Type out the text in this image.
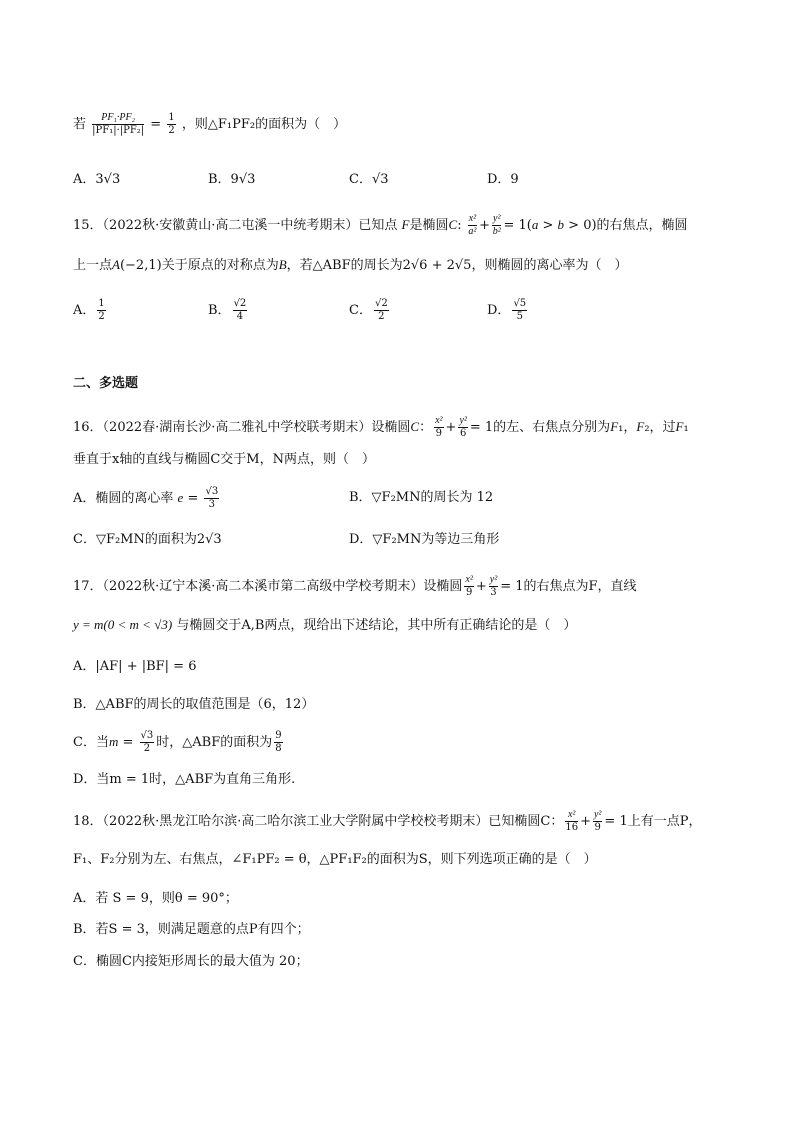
若 $\frac{\text{PF₁·PF₂}}{\text{|PF₁|·|PF₂|}} = \frac{1}{2}$ ，则△F₁PF₂的面积为（　）
A．3√3	B．9√3	C．√3	D．9
15．（2022秋·安徽黄山·高二屯溪一中统考期末）已知点 F是椭圆C: $\frac{\text{x²}}{\text{a²}} + \frac{\text{y²}}{\text{b²}} = 1(a > b > 0)$的右焦点，椭圆
上一点A(−2,1)关于原点的对称点为B，若△ABF的周长为2√6 + 2√5，则椭圆的离心率为（　）
A． $\frac{1}{2}$	B． $\frac{√2}{4}$	C． $\frac{√2}{2}$	D． $\frac{√5}{5}$
二、多选题
16．（2022春·湖南长沙·高二雅礼中学校联考期末）设椭圆C： $\frac{\text{x²}}{9} + \frac{\text{y²}}{6} = 1$的左、右焦点分别为F₁，F₂，过F₁
垂直于x轴的直线与椭圆C交于M，N两点，则（　）
A．椭圆的离心率 $e = \frac{√3}{3}$	B．▽F₂MN的周长为 12
C．▽F₂MN的面积为2√3	D．▽F₂MN为等边三角形
17．（2022秋·辽宁本溪·高二本溪市第二高级中学校考期末）设椭圆 $\frac{\text{x²}}{9} + \frac{\text{y²}}{3} = 1$的右焦点为F，直线
y = m(0 < m < √3) 与椭圆交于A,B两点，现给出下述结论，其中所有正确结论的是（　）
A．|AF| + |BF| = 6
B．△ABF的周长的取值范围是（6，12）
C．当$m = \frac{√3}{2}$ 时，△ABF的面积为 $\frac{9}{8}$
D．当m = 1时，△ABF为直角三角形.
18．（2022秋·黑龙江哈尔滨·高二哈尔滨工业大学附属中学校校考期末）已知椭圆C： $\frac{\text{x²}}{16} + \frac{\text{y²}}{9} = 1$上有一点P，
F₁、F₂分别为左、右焦点，∠F₁PF₂ = θ，△PF₁F₂的面积为S，则下列选项正确的是（　）
A．若 S = 9，则θ = 90°；
B．若S = 3，则满足题意的点P有四个；
C．椭圆C内接矩形周长的最大值为 20；
